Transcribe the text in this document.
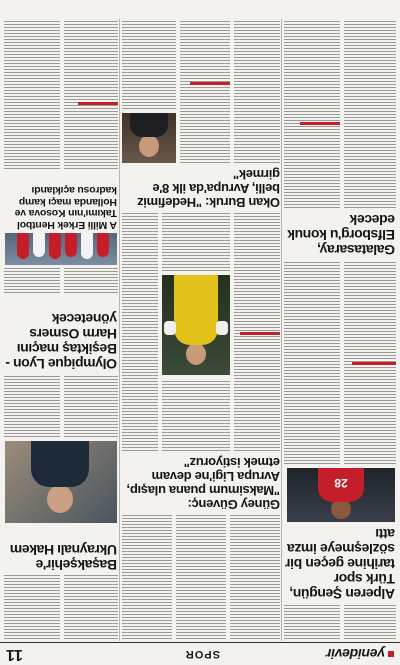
yenidevir
SPOR
11
Alperen Şengün, Türk spor tarihine geçen bir sözleşmeye imza attı
28
Galatasaray, Elfsborg'u konuk edecek
Güney Güvenç: "Maksimum puana ulaşıp, Avrupa Ligi'ne devam etmek istiyoruz"
Okan Buruk: "Hedefimiz belli, Avrupa'da ilk 8'e girmek"
Başakşehir'e Ukraynalı Hakem
Olympique Lyon - Beşiktaş maçını Harm Osmers yönetecek
A Milli Erkek Hentbol Takımı'nın Kosova ve Hollanda maçı kamp kadrosu açıklandı
